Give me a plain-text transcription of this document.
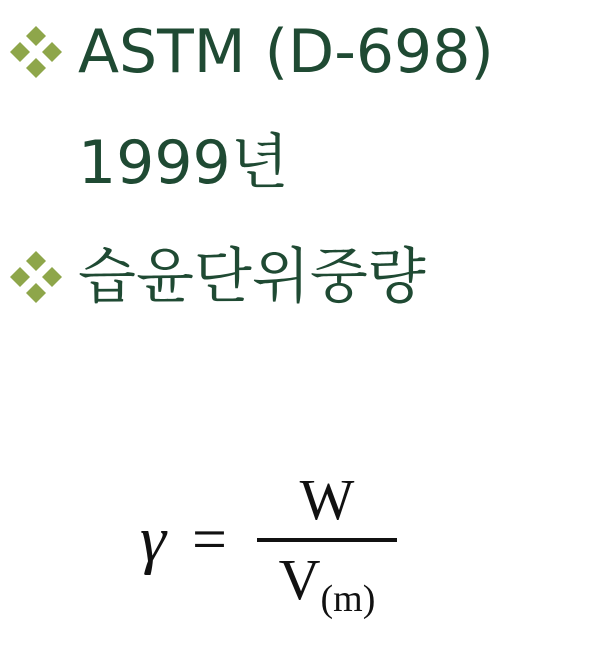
ASTM (D-698)
1999년
습윤단위중량
$\gamma = \frac{W}{V_{(m)}}$
